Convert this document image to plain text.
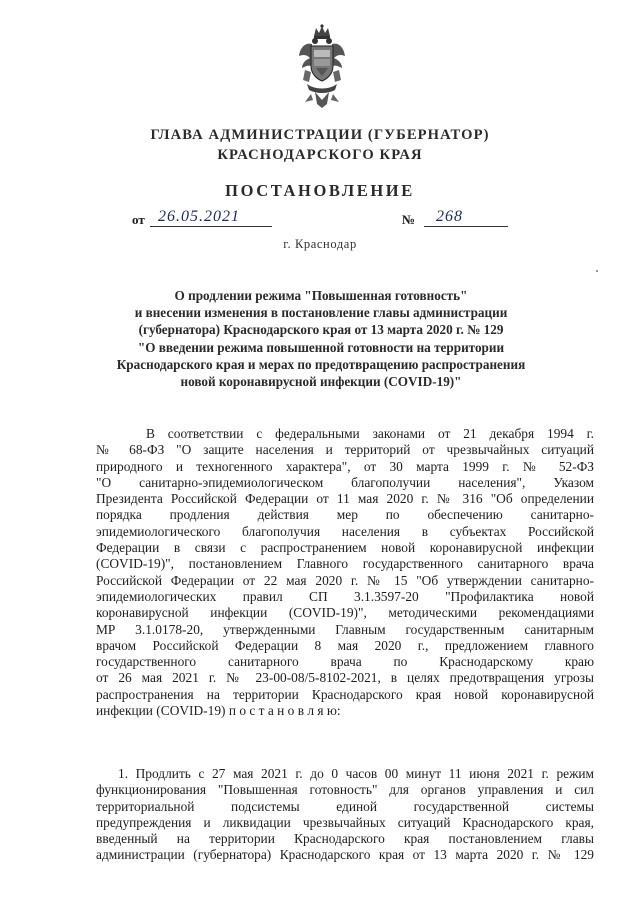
ГЛАВА АДМИНИСТРАЦИИ (ГУБЕРНАТОР)
КРАСНОДАРСКОГО КРАЯ
ПОСТАНОВЛЕНИЕ
от 26.05.2021	№	268
г. Краснодар
О продлении режима "Повышенная готовность"
и внесении изменения в постановление главы администрации
(губернатора) Краснодарского края от 13 марта 2020 г. № 129
"О введении режима повышенной готовности на территории
Краснодарского края и мерах по предотвращению распространения
новой коронавирусной инфекции (COVID-19)"
В соответствии с федеральными законами от 21 декабря 1994 г.
№ 68-ФЗ "О защите населения и территорий от чрезвычайных ситуаций
природного и техногенного характера", от 30 марта 1999 г. № 52-ФЗ
"О санитарно-эпидемиологическом благополучии населения", Указом
Президента Российской Федерации от 11 мая 2020 г. № 316 "Об определении
порядка продления действия мер по обеспечению санитарно-
эпидемиологического благополучия населения в субъектах Российской
Федерации в связи с распространением новой коронавирусной инфекции
(COVID-19)", постановлением Главного государственного санитарного врача
Российской Федерации от 22 мая 2020 г. № 15 "Об утверждении санитарно-
эпидемиологических правил СП 3.1.3597-20 "Профилактика новой
коронавирусной инфекции (COVID-19)", методическими рекомендациями
МР 3.1.0178-20, утвержденными Главным государственным санитарным
врачом Российской Федерации 8 мая 2020 г., предложением главного
государственного санитарного врача по Краснодарскому краю
от 26 мая 2021 г. № 23-00-08/5-8102-2021, в целях предотвращения угрозы
распространения на территории Краснодарского края новой коронавирусной
инфекции (COVID-19) п о с т а н о в л я ю:
1. Продлить с 27 мая 2021 г. до 0 часов 00 минут 11 июня 2021 г. режим
функционирования "Повышенная готовность" для органов управления и сил
территориальной подсистемы единой государственной системы
предупреждения и ликвидации чрезвычайных ситуаций Краснодарского края,
введенный на территории Краснодарского края постановлением главы
администрации (губернатора) Краснодарского края от 13 марта 2020 г. № 129
